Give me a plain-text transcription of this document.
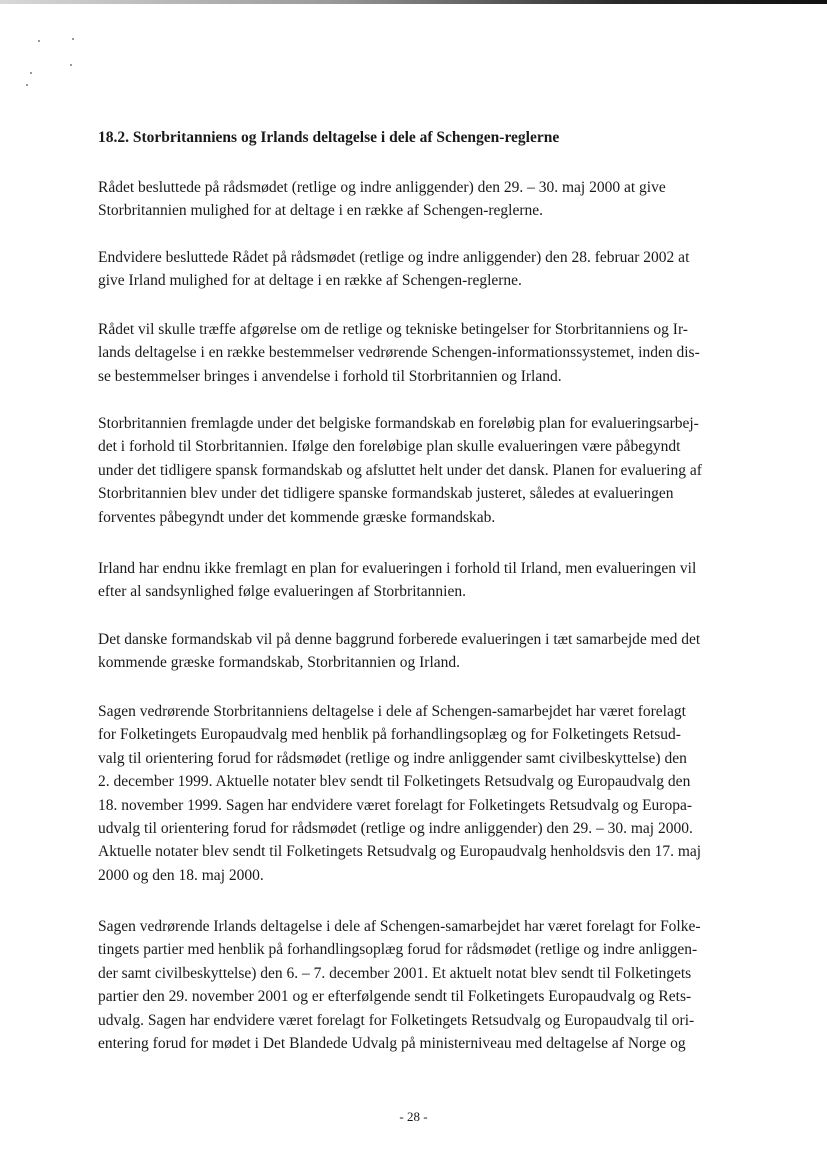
18.2. Storbritanniens og Irlands deltagelse i dele af Schengen-reglerne
Rådet besluttede på rådsmødet (retlige og indre anliggender) den 29. – 30. maj 2000 at give
Storbritannien mulighed for at deltage i en række af Schengen-reglerne.
Endvidere besluttede Rådet på rådsmødet (retlige og indre anliggender) den 28. februar 2002 at
give Irland mulighed for at deltage i en række af Schengen-reglerne.
Rådet vil skulle træffe afgørelse om de retlige og tekniske betingelser for Storbritanniens og Ir-
lands deltagelse i en række bestemmelser vedrørende Schengen-informationssystemet, inden dis-
se bestemmelser bringes i anvendelse i forhold til Storbritannien og Irland.
Storbritannien fremlagde under det belgiske formandskab en foreløbig plan for evalueringsarbej-
det i forhold til Storbritannien. Ifølge den foreløbige plan skulle evalueringen være påbegyndt
under det tidligere spansk formandskab og afsluttet helt under det dansk. Planen for evaluering af
Storbritannien blev under det tidligere spanske formandskab justeret, således at evalueringen
forventes påbegyndt under det kommende græske formandskab.
Irland har endnu ikke fremlagt en plan for evalueringen i forhold til Irland, men evalueringen vil
efter al sandsynlighed følge evalueringen af Storbritannien.
Det danske formandskab vil på denne baggrund forberede evalueringen i tæt samarbejde med det
kommende græske formandskab, Storbritannien og Irland.
Sagen vedrørende Storbritanniens deltagelse i dele af Schengen-samarbejdet har været forelagt
for Folketingets Europaudvalg med henblik på forhandlingsoplæg og for Folketingets Retsud-
valg til orientering forud for rådsmødet (retlige og indre anliggender samt civilbeskyttelse) den
2. december 1999. Aktuelle notater blev sendt til Folketingets Retsudvalg og Europaudvalg den
18. november 1999. Sagen har endvidere været forelagt for Folketingets Retsudvalg og Europa-
udvalg til orientering forud for rådsmødet (retlige og indre anliggender) den 29. – 30. maj 2000.
Aktuelle notater blev sendt til Folketingets Retsudvalg og Europaudvalg henholdsvis den 17. maj
2000 og den 18. maj 2000.
Sagen vedrørende Irlands deltagelse i dele af Schengen-samarbejdet har været forelagt for Folke-
tingets partier med henblik på forhandlingsoplæg forud for rådsmødet (retlige og indre anliggen-
der samt civilbeskyttelse) den 6. – 7. december 2001. Et aktuelt notat blev sendt til Folketingets
partier den 29. november 2001 og er efterfølgende sendt til Folketingets Europaudvalg og Rets-
udvalg. Sagen har endvidere været forelagt for Folketingets Retsudvalg og Europaudvalg til ori-
entering forud for mødet i Det Blandede Udvalg på ministerniveau med deltagelse af Norge og
- 28 -
